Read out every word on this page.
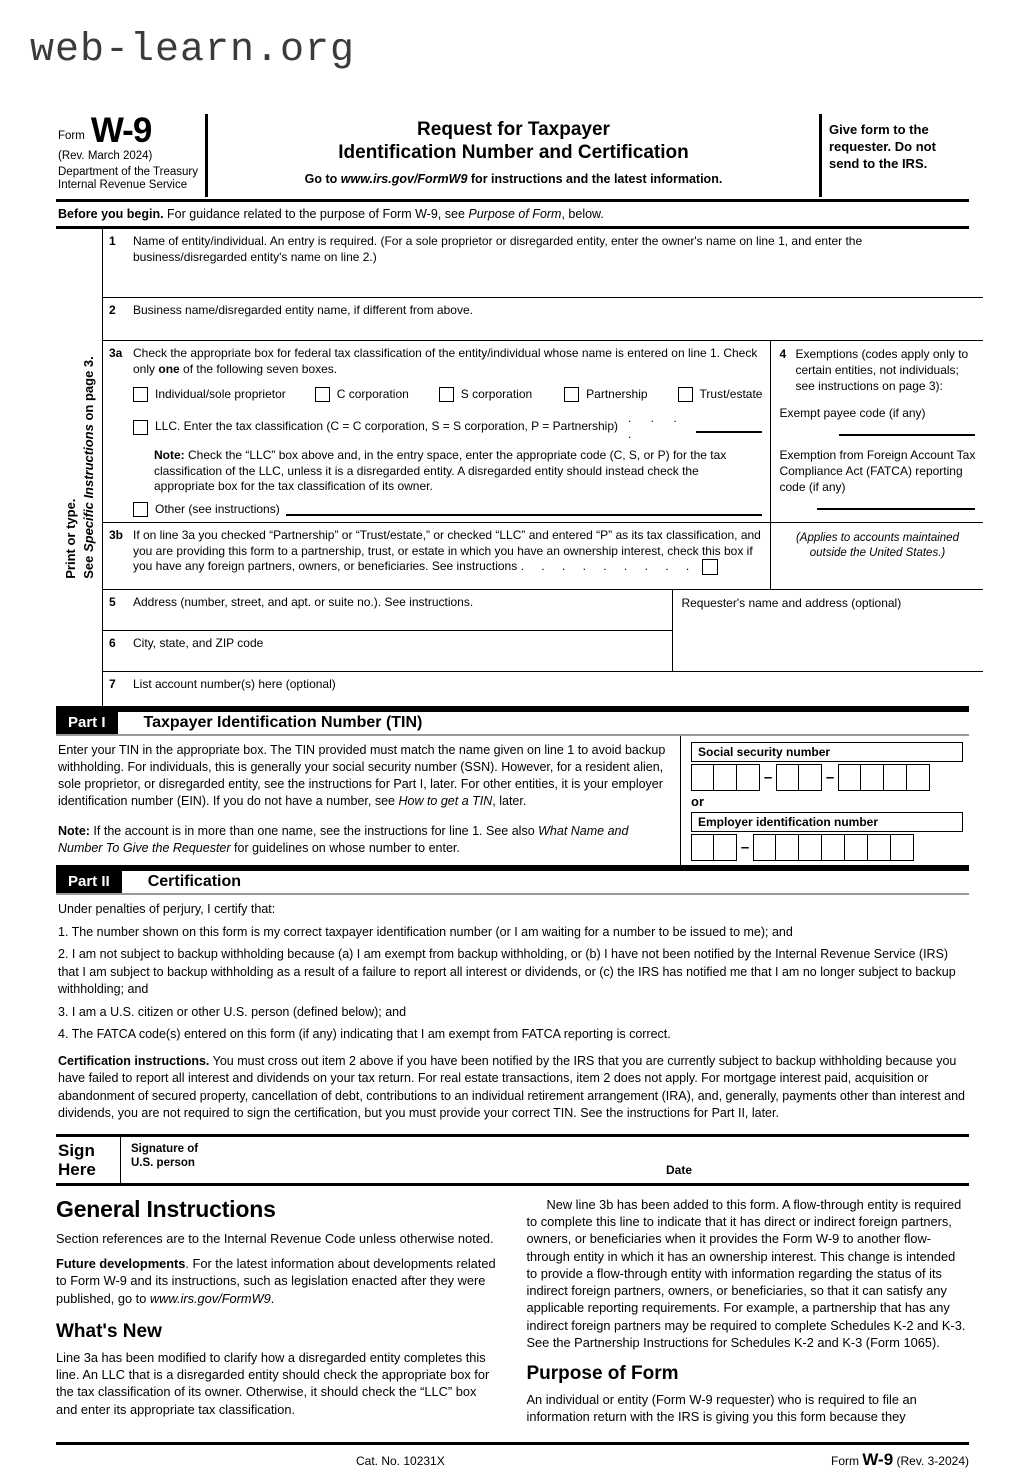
web-learn.org
Form W-9
(Rev. March 2024)
Department of the Treasury
Internal Revenue Service
Request for Taxpayer
Identification Number and Certification
Go to www.irs.gov/FormW9 for instructions and the latest information.
Give form to the
requester. Do not
send to the IRS.
Before you begin. For guidance related to the purpose of Form W-9, see Purpose of Form, below.
Print or type. See Specific Instructions on page 3.
1	Name of entity/individual. An entry is required. (For a sole proprietor or disregarded entity, enter the owner's name on line 1, and enter the business/disregarded entity's name on line 2.)
2	Business name/disregarded entity name, if different from above.
3a Check the appropriate box for federal tax classification of the entity/individual whose name is entered on line 1. Check only one of the following seven boxes.
Individual/sole proprietor	C corporation	S corporation	Partnership	Trust/estate
LLC. Enter the tax classification (C = C corporation, S = S corporation, P = Partnership)
. . . .
Note: Check the “LLC” box above and, in the entry space, enter the appropriate code (C, S, or P) for the tax classification of the LLC, unless it is a disregarded entity. A disregarded entity should instead check the appropriate box for the tax classification of its owner.
Other (see instructions)
4 Exemptions (codes apply only to certain entities, not individuals; see instructions on page 3):
Exempt payee code (if any)
Exemption from Foreign Account Tax Compliance Act (FATCA) reporting code (if any)
3b If on line 3a you checked “Partnership” or “Trust/estate,” or checked “LLC” and entered “P” as its tax classification, and you are providing this form to a partnership, trust, or estate in which you have an ownership interest, check this box if you have any foreign partners, owners, or beneficiaries. See instructions . . . . . . . . .
(Applies to accounts maintained
outside the United States.)
5	Address (number, street, and apt. or suite no.). See instructions.
6	City, state, and ZIP code
Requester's name and address (optional)
7	List account number(s) here (optional)
Part I	Taxpayer Identification Number (TIN)
Enter your TIN in the appropriate box. The TIN provided must match the name given on line 1 to avoid backup withholding. For individuals, this is generally your social security number (SSN). However, for a resident alien, sole proprietor, or disregarded entity, see the instructions for Part I, later. For other entities, it is your employer identification number (EIN). If you do not have a number, see How to get a TIN, later.
Note: If the account is in more than one name, see the instructions for line 1. See also What Name and Number To Give the Requester for guidelines on whose number to enter.
Social security number
–	–
or
Employer identification number
–
Part II	Certification
Under penalties of perjury, I certify that:
1. The number shown on this form is my correct taxpayer identification number (or I am waiting for a number to be issued to me); and
2. I am not subject to backup withholding because (a) I am exempt from backup withholding, or (b) I have not been notified by the Internal Revenue Service (IRS) that I am subject to backup withholding as a result of a failure to report all interest or dividends, or (c) the IRS has notified me that I am no longer subject to backup withholding; and
3. I am a U.S. citizen or other U.S. person (defined below); and
4. The FATCA code(s) entered on this form (if any) indicating that I am exempt from FATCA reporting is correct.
Certification instructions. You must cross out item 2 above if you have been notified by the IRS that you are currently subject to backup withholding because you have failed to report all interest and dividends on your tax return. For real estate transactions, item 2 does not apply. For mortgage interest paid, acquisition or abandonment of secured property, cancellation of debt, contributions to an individual retirement arrangement (IRA), and, generally, payments other than interest and dividends, you are not required to sign the certification, but you must provide your correct TIN. See the instructions for Part II, later.
Sign
Here
Signature of
U.S. person	Date
General Instructions

Section references are to the Internal Revenue Code unless otherwise noted.

Future developments. For the latest information about developments related to Form W-9 and its instructions, such as legislation enacted after they were published, go to www.irs.gov/FormW9.

What's New

Line 3a has been modified to clarify how a disregarded entity completes this line. An LLC that is a disregarded entity should check the appropriate box for the tax classification of its owner. Otherwise, it should check the “LLC” box and enter its appropriate tax classification.

New line 3b has been added to this form. A flow-through entity is required to complete this line to indicate that it has direct or indirect foreign partners, owners, or beneficiaries when it provides the Form W-9 to another flow-through entity in which it has an ownership interest. This change is intended to provide a flow-through entity with information regarding the status of its indirect foreign partners, owners, or beneficiaries, so that it can satisfy any applicable reporting requirements. For example, a partnership that has any indirect foreign partners may be required to complete Schedules K-2 and K-3. See the Partnership Instructions for Schedules K-2 and K-3 (Form 1065).

Purpose of Form

An individual or entity (Form W-9 requester) who is required to file an information return with the IRS is giving you this form because they

Cat. No. 10231X	Form W-9 (Rev. 3-2024)
